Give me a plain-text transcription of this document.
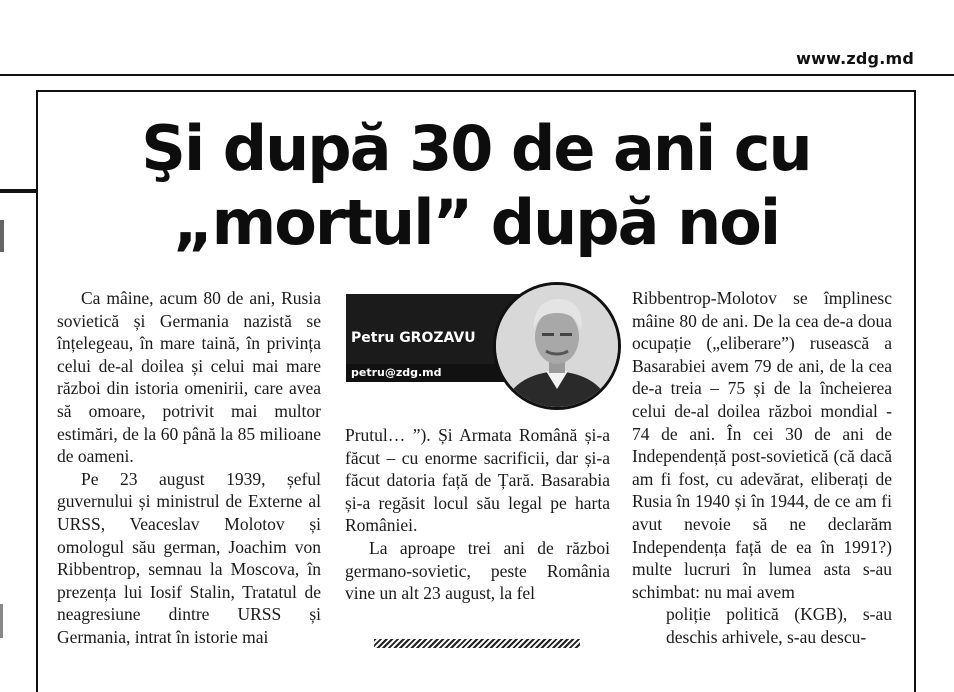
www.zdg.md
Şi după 30 de ani cu
„mortul” după noi

Ca mâine, acum 80 de ani, Rusia sovietică și Germania nazistă se înțelegeau, în mare taină, în privința celui de-al doilea și celui mai mare război din istoria omenirii, care avea să omoare, potrivit mai multor estimări, de la 60 până la 85 milioane de oameni.

Pe 23 august 1939, șeful guvernului și ministrul de Externe al URSS, Veaceslav Molotov și omologul său german, Joachim von Ribbentrop, semnau la Moscova, în prezența lui Iosif Stalin, Tratatul de neagresiune dintre URSS și Germania, intrat în istorie mai

Petru GROZAVU
petru@zdg.md

Prutul… ”). Și Armata Română și-a făcut – cu enorme sacrificii, dar și-a făcut datoria față de Țară. Basarabia și-a regăsit locul său legal pe harta României.

La aproape trei ani de război germano-sovietic, peste România vine un alt 23 august, la fel

Ribbentrop-Molotov se împlinesc mâine 80 de ani. De la cea de-a doua ocupație („eliberare”) rusească a Basarabiei avem 79 de ani, de la cea de-a treia – 75 și de la încheierea celui de-al doilea război mondial - 74 de ani. În cei 30 de ani de Independență post-sovietică (că dacă am fi fost, cu adevărat, eliberați de Rusia în 1940 și în 1944, de ce am fi avut nevoie să ne declarăm Independența față de ea în 1991?) multe lucruri în lumea asta s-au schimbat: nu mai avem

poliție politică (KGB), s-au deschis arhivele, s-au descu-
